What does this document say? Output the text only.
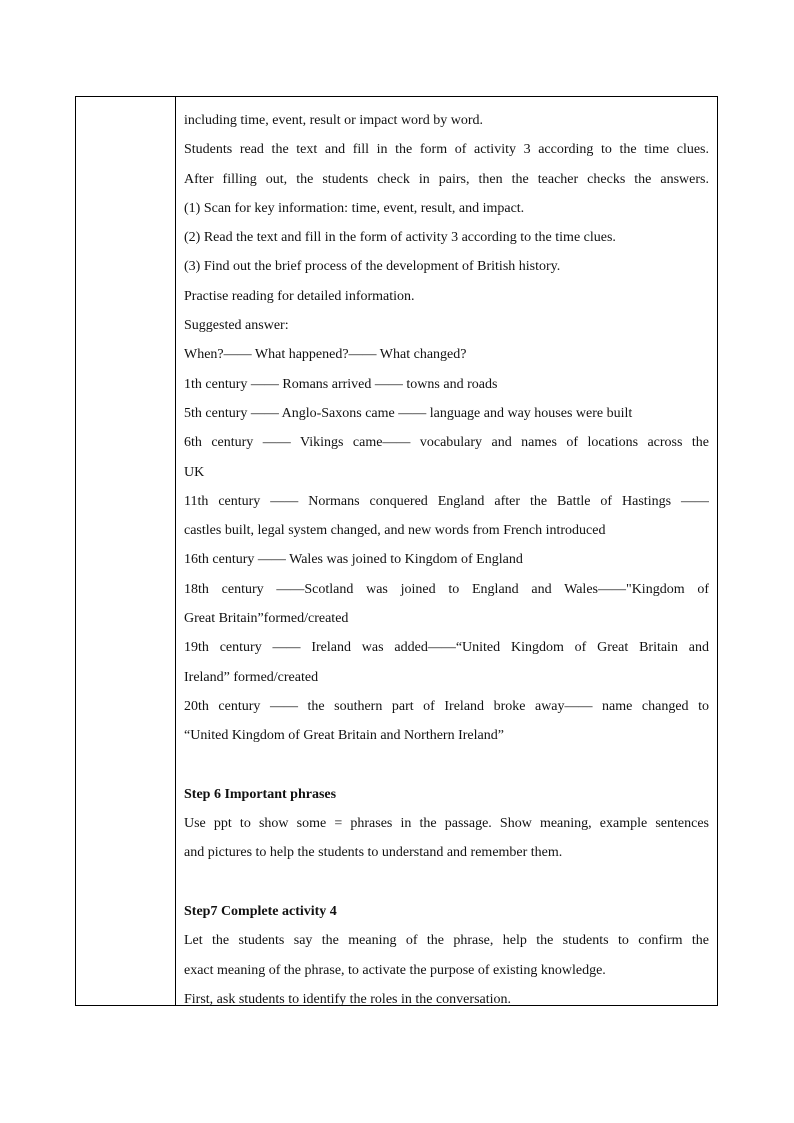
including time, event, result or impact word by word.
Students read the text and fill in the form of activity 3 according to the time clues.
After filling out, the students check in pairs, then the teacher checks the answers.
(1) Scan for key information: time, event, result, and impact.
(2) Read the text and fill in the form of activity 3 according to the time clues.
(3) Find out the brief process of the development of British history.
Practise reading for detailed information.
Suggested answer:
When?—— What happened?—— What changed?
1th century —— Romans arrived —— towns and roads
5th century —— Anglo-Saxons came —— language and way houses were built
6th century —— Vikings came—— vocabulary and names of locations across the
UK
11th century —— Normans conquered England after the Battle of Hastings ——
castles built, legal system changed, and new words from French introduced
16th century —— Wales was joined to Kingdom of England
18th century ——Scotland was joined to England and Wales——"Kingdom of
Great Britain”formed/created
19th century —— Ireland was added——“United Kingdom of Great Britain and
Ireland” formed/created
20th century —— the southern part of Ireland broke away—— name changed to
“United Kingdom of Great Britain and Northern Ireland”
Step 6 Important phrases
Use ppt to show some = phrases in the passage. Show meaning, example sentences
and pictures to help the students to understand and remember them.
Step7 Complete activity 4
Let the students say the meaning of the phrase, help the students to confirm the
exact meaning of the phrase, to activate the purpose of existing knowledge.
First, ask students to identify the roles in the conversation.
